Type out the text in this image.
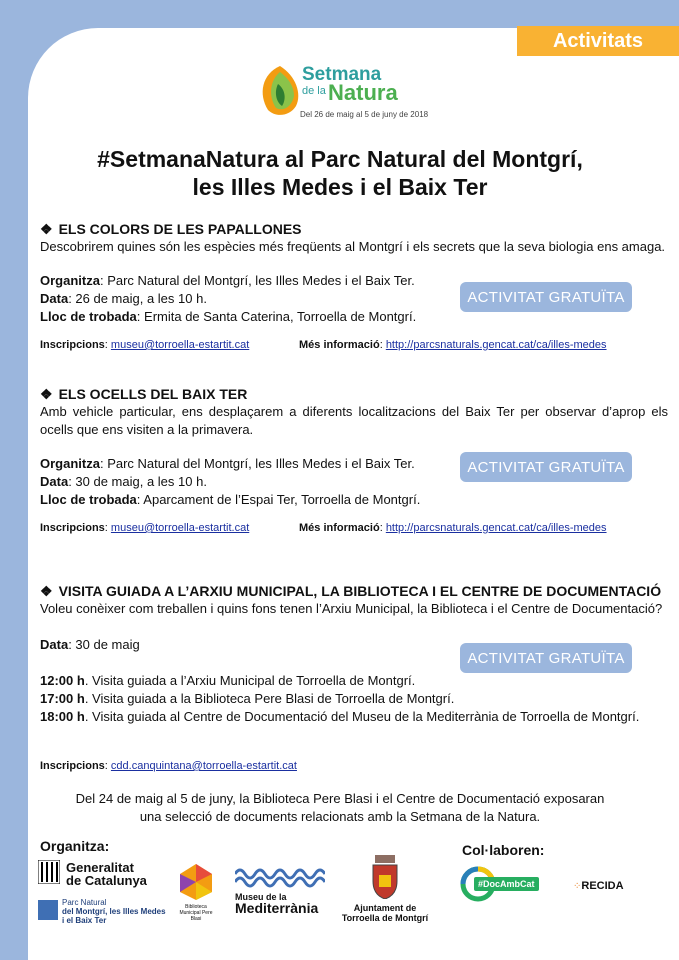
Activitats
Setmana
de la Natura
Del 26 de maig al 5 de juny de 2018
#SetmanaNatura al Parc Natural del Montgrí,
les Illes Medes i el Baix Ter
❖ ELS COLORS DE LES PAPALLONES
Descobrirem quines són les espècies més freqüents al Montgrí i els secrets que la seva biologia ens amaga.
Organitza: Parc Natural del Montgrí, les Illes Medes i el Baix Ter.
Data: 26 de maig, a les 10 h.
Lloc de trobada: Ermita de Santa Caterina, Torroella de Montgrí.
ACTIVITAT GRATUÏTA
Inscripcions: museu@torroella-estartit.cat	Més informació: http://parcsnaturals.gencat.cat/ca/illes-medes
❖ ELS OCELLS DEL BAIX TER
Amb vehicle particular, ens desplaçarem a diferents localitzacions del Baix Ter per observar d’aprop els ocells que ens visiten a la primavera.
Organitza: Parc Natural del Montgrí, les Illes Medes i el Baix Ter.
Data: 30 de maig, a les 10 h.
Lloc de trobada: Aparcament de l’Espai Ter, Torroella de Montgrí.
ACTIVITAT GRATUÏTA
Inscripcions: museu@torroella-estartit.cat	Més informació: http://parcsnaturals.gencat.cat/ca/illes-medes
❖ VISITA GUIADA A L’ARXIU MUNICIPAL, LA BIBLIOTECA I EL CENTRE DE DOCUMENTACIÓ
Voleu conèixer com treballen i quins fons tenen l’Arxiu Municipal, la Biblioteca i el Centre de Documentació?
Data: 30 de maig
12:00 h. Visita guiada a l’Arxiu Municipal de Torroella de Montgrí.
17:00 h. Visita guiada a la Biblioteca Pere Blasi de Torroella de Montgrí.
18:00 h. Visita guiada al Centre de Documentació del Museu de la Mediterrània de Torroella de Montgrí.
ACTIVITAT GRATUÏTA
Inscripcions: cdd.canquintana@torroella-estartit.cat
Del 24 de maig al 5 de juny, la Biblioteca Pere Blasi i el Centre de Documentació exposaran
una selecció de documents relacionats amb la Setmana de la Natura.
Organitza:
Generalitat
de Catalunya
Parc Natural
del Montgrí, les Illes Medes
i el Baix Ter
Biblioteca Municipal Pere Blasi
Museu de la
Mediterrània	Ajuntament de
Torroella de Montgrí
Col·laboren:
#DocAmbCat	⁘RECIDA
